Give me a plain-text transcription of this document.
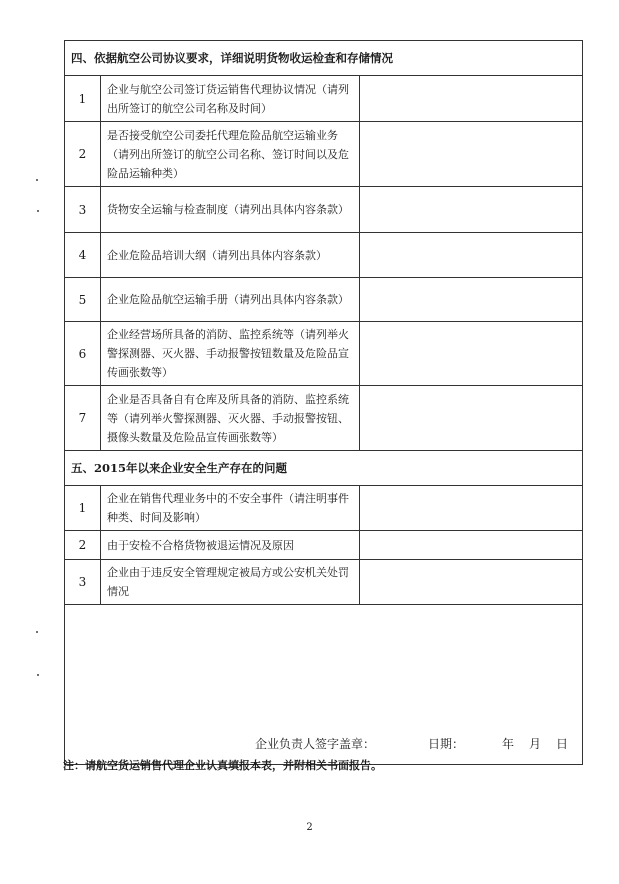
四、依据航空公司协议要求，详细说明货物收运检查和存储情况		
1	企业与航空公司签订货运销售代理协议情况（请列出所签订的航空公司名称及时间）	
2	是否接受航空公司委托代理危险品航空运输业务（请列出所签订的航空公司名称、签订时间以及危险品运输种类）	
3	货物安全运输与检查制度（请列出具体内容条款）	
4	企业危险品培训大纲（请列出具体内容条款）	
5	企业危险品航空运输手册（请列出具体内容条款）	
6	企业经营场所具备的消防、监控系统等（请列举火警探测器、灭火器、手动报警按钮数量及危险品宣传画张数等）	
7	企业是否具备自有仓库及所具备的消防、监控系统等（请列举火警探测器、灭火器、手动报警按钮、摄像头数量及危险品宣传画张数等）	
五、2015年以来企业安全生产存在的问题		
1	企业在销售代理业务中的不安全事件（请注明事件种类、时间及影响）	
2	由于安检不合格货物被退运情况及原因	
3	企业由于违反安全管理规定被局方或公安机关处罚情况	

企业负责人签字盖章： 日期： 年 月 日		
注：请航空货运销售代理企业认真填报本表，并附相关书面报告。
2
